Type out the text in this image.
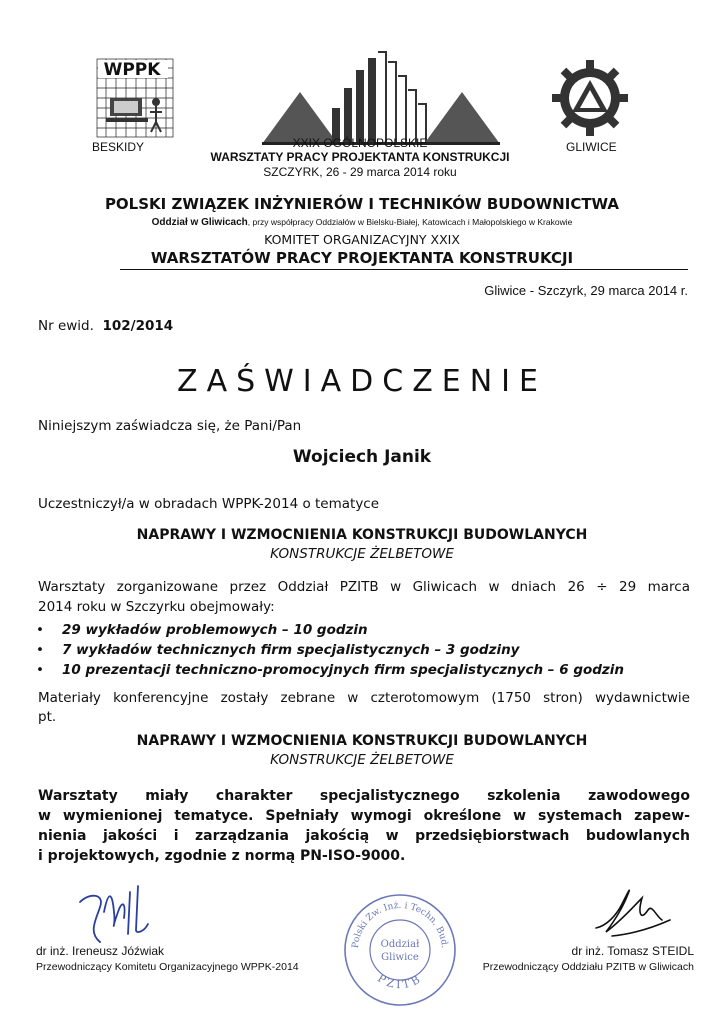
WPPK
BESKIDY	GLIWICE
XXIX OGÓLNOPOLSKIE
WARSZTATY PRACY PROJEKTANTA KONSTRUKCJI
SZCZYRK, 26 - 29 marca 2014 roku
POLSKI ZWIĄZEK INŻYNIERÓW I TECHNIKÓW BUDOWNICTWA
Oddział w Gliwicach, przy współpracy Oddziałów w Bielsku-Białej, Katowicach i Małopolskiego w Krakowie
KOMITET ORGANIZACYJNY XXIX
WARSZTATÓW PRACY PROJEKTANTA KONSTRUKCJI
Gliwice - Szczyrk, 29 marca 2014 r.
Nr ewid. 102/2014
ZAŚWIADCZENIE
Niniejszym zaświadcza się, że Pani/Pan
Wojciech Janik
Uczestniczył/a w obradach WPPK-2014 o tematyce
NAPRAWY I WZMOCNIENIA KONSTRUKCJI BUDOWLANYCH
KONSTRUKCJE ŻELBETOWE
Warsztaty zorganizowane przez Oddział PZITB w Gliwicach w dniach 26 ÷ 29 marca
2014 roku w Szczyrku obejmowały:
• 29 wykładów problemowych – 10 godzin
• 7 wykładów technicznych firm specjalistycznych – 3 godziny
• 10 prezentacji techniczno-promocyjnych firm specjalistycznych – 6 godzin
Materiały konferencyjne zostały zebrane w czterotomowym (1750 stron) wydawnictwie
pt.
NAPRAWY I WZMOCNIENIA KONSTRUKCJI BUDOWLANYCH
KONSTRUKCJE ŻELBETOWE
Warsztaty miały charakter specjalistycznego szkolenia zawodowego
w wymienionej tematyce. Spełniały wymogi określone w systemach zapew-
nienia jakości i zarządzania jakością w przedsiębiorstwach budowlanych
i projektowych, zgodnie z normą PN-ISO-9000.
dr inż. Ireneusz Jóźwiak
Przewodniczący Komitetu Organizacyjnego WPPK-2014
Polski Zw. Inż. i Techn. Bud.
Oddział
Gliwice
PZITB
dr inż. Tomasz STEIDL
Przewodniczący Oddziału PZITB w Gliwicach
